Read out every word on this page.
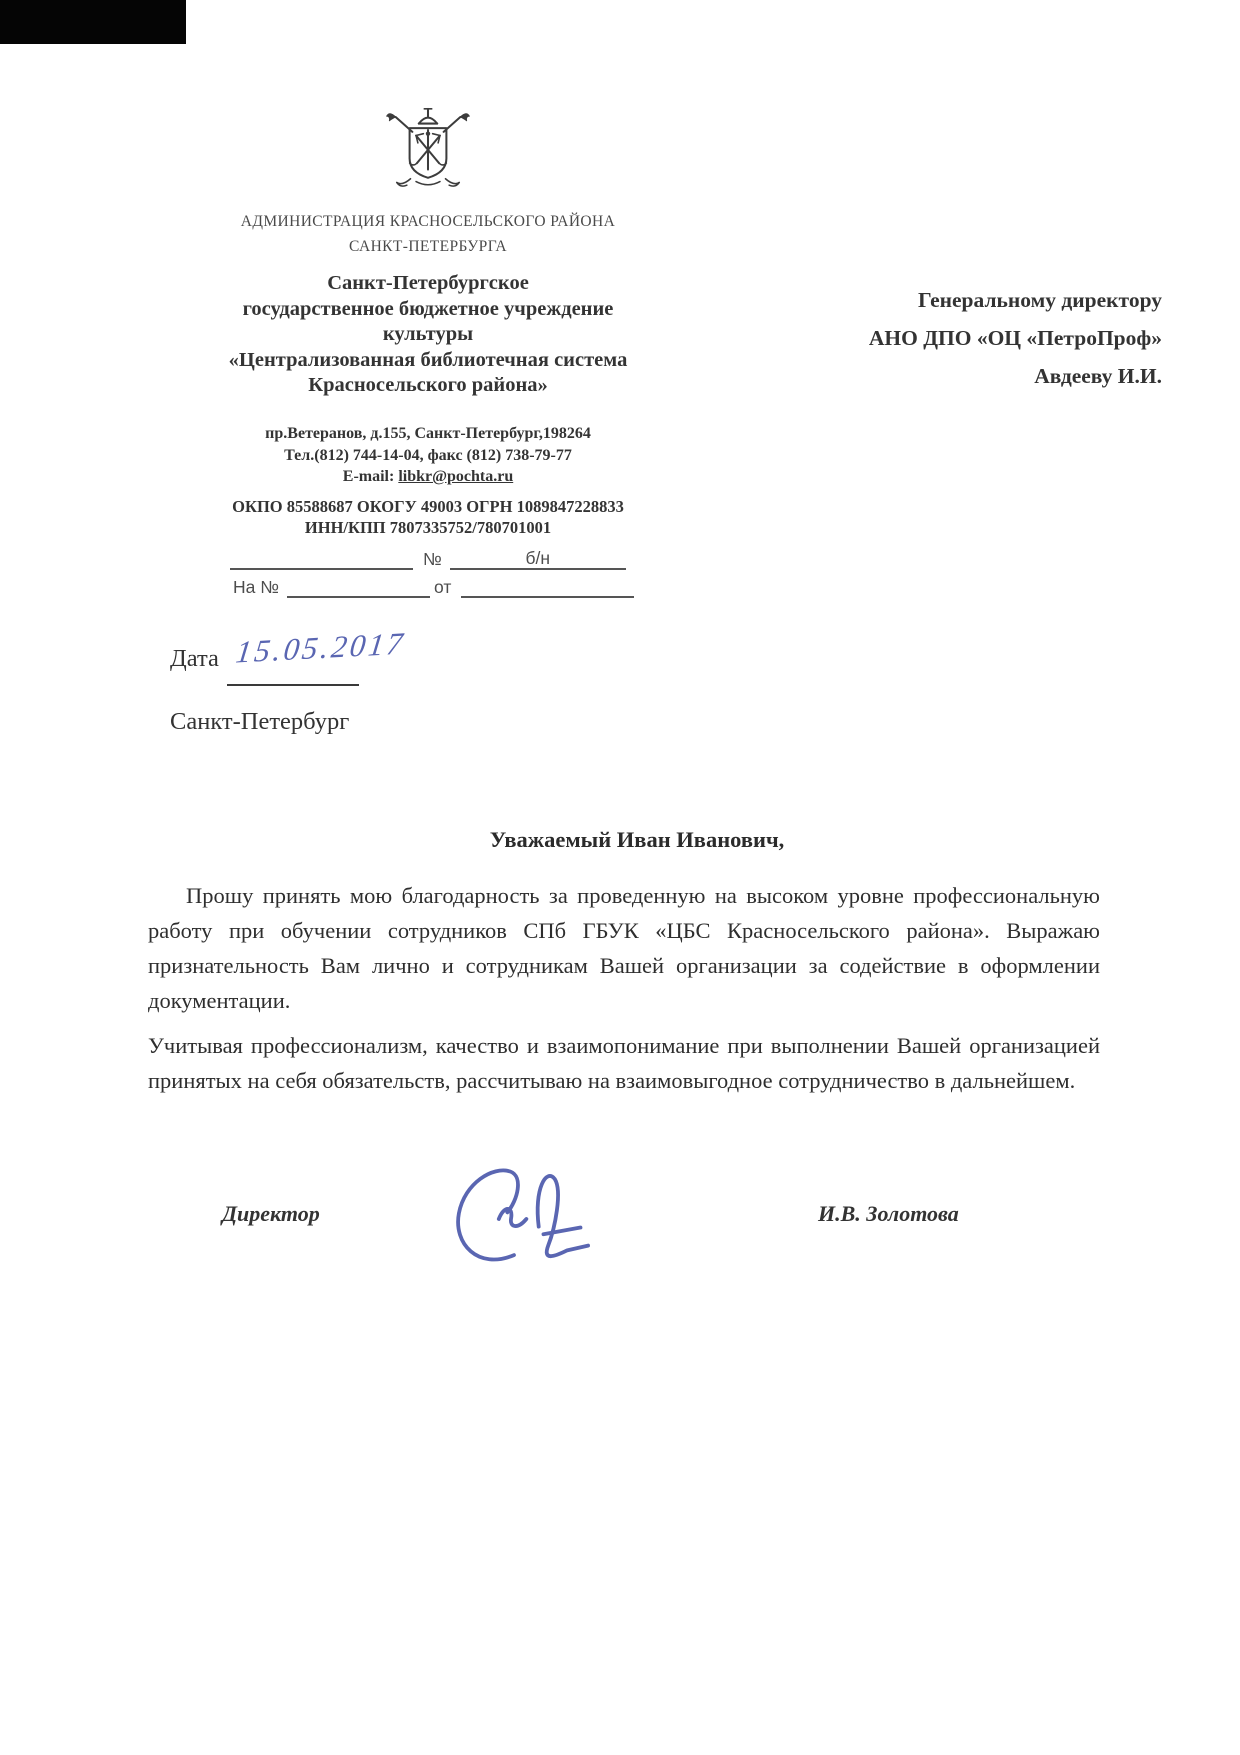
АДМИНИСТРАЦИЯ КРАСНОСЕЛЬСКОГО РАЙОНА
САНКТ-ПЕТЕРБУРГА
Санкт-Петербургское
государственное бюджетное учреждение
культуры
«Централизованная библиотечная система
Красносельского района»
пр.Ветеранов, д.155, Санкт-Петербург,198264
Тел.(812) 744-14-04, факс (812) 738-79-77
E-mail: libkr@pochta.ru
ОКПО 85588687 ОКОГУ 49003 ОГРН 1089847228833
ИНН/КПП 7807335752/780701001
№	б/н
На №	от
Генеральному директору
АНО ДПО «ОЦ «ПетроПроф»
Авдееву И.И.
Дата 15.05.2017
Санкт-Петербург
Уважаемый Иван Иванович,

Прошу принять мою благодарность за проведенную на высоком уровне профессиональную работу при обучении сотрудников СПб ГБУК «ЦБС Красносельского района». Выражаю признательность Вам лично и сотрудникам Вашей организации за содействие в оформлении документации.

Учитывая профессионализм, качество и взаимопонимание при выполнении Вашей организацией принятых на себя обязательств, рассчитываю на взаимовыгодное сотрудничество в дальнейшем.

Директор	И.В. Золотова
